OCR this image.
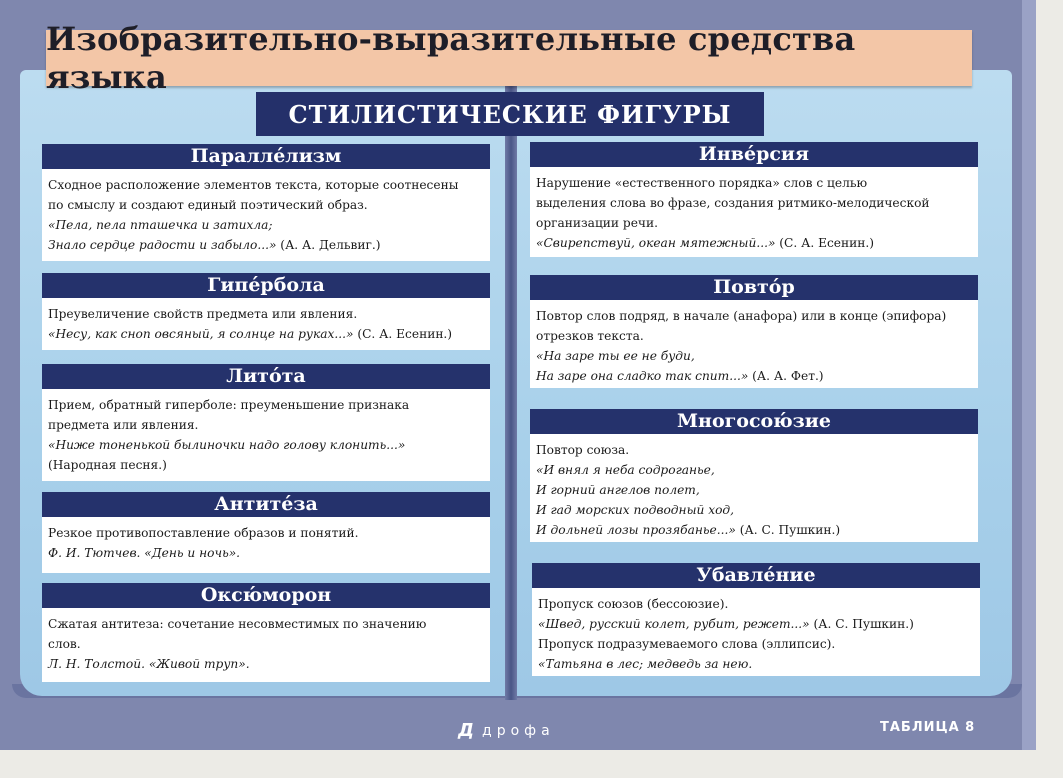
Изобразительно-выразительные средства языка
СТИЛИСТИЧЕСКИЕ ФИГУРЫ
Паралле́лизм
Сходное расположение элементов текста, которые соотнесены
по смыслу и создают единый поэтический образ.
«Пела, пела пташечка и затихла;
Знало сердце радости и забыло...» (А. А. Дельвиг.)
Гипе́рбола
Преувеличение свойств предмета или явления.
«Несу, как сноп овсяный, я солнце на руках...» (С. А. Есенин.)
Лито́та
Прием, обратный гиперболе: преуменьшение признака
предмета или явления.
«Ниже тоненькой былиночки надо голову клонить...»
(Народная песня.)
Антите́за
Резкое противопоставление образов и понятий.
Ф. И. Тютчев. «День и ночь».
Оксю́морон
Сжатая антитеза: сочетание несовместимых по значению
слов.
Л. Н. Толстой. «Живой труп».
Инве́рсия
Нарушение «естественного порядка» слов с целью
выделения слова во фразе, создания ритмико-мелодической
организации речи.
«Свирепствуй, океан мятежный...» (С. А. Есенин.)
Повто́р
Повтор слов подряд, в начале (анафора) или в конце (эпифора)
отрезков текста.
«На заре ты ее не буди,
На заре она сладко так спит...» (А. А. Фет.)
Многосою́зие
Повтор союза.
«И внял я неба содроганье,
И горний ангелов полет,
И гад морских подводный ход,
И дольней лозы прозябанье...» (А. С. Пушкин.)
Убавле́ние
Пропуск союзов (бессоюзие).
«Швед, русский колет, рубит, режет...» (А. С. Пушкин.)
Пропуск подразумеваемого слова (эллипсис).
«Татьяна в лес; медведь за нею.
Д дрофа	ТАБЛИЦА 8
